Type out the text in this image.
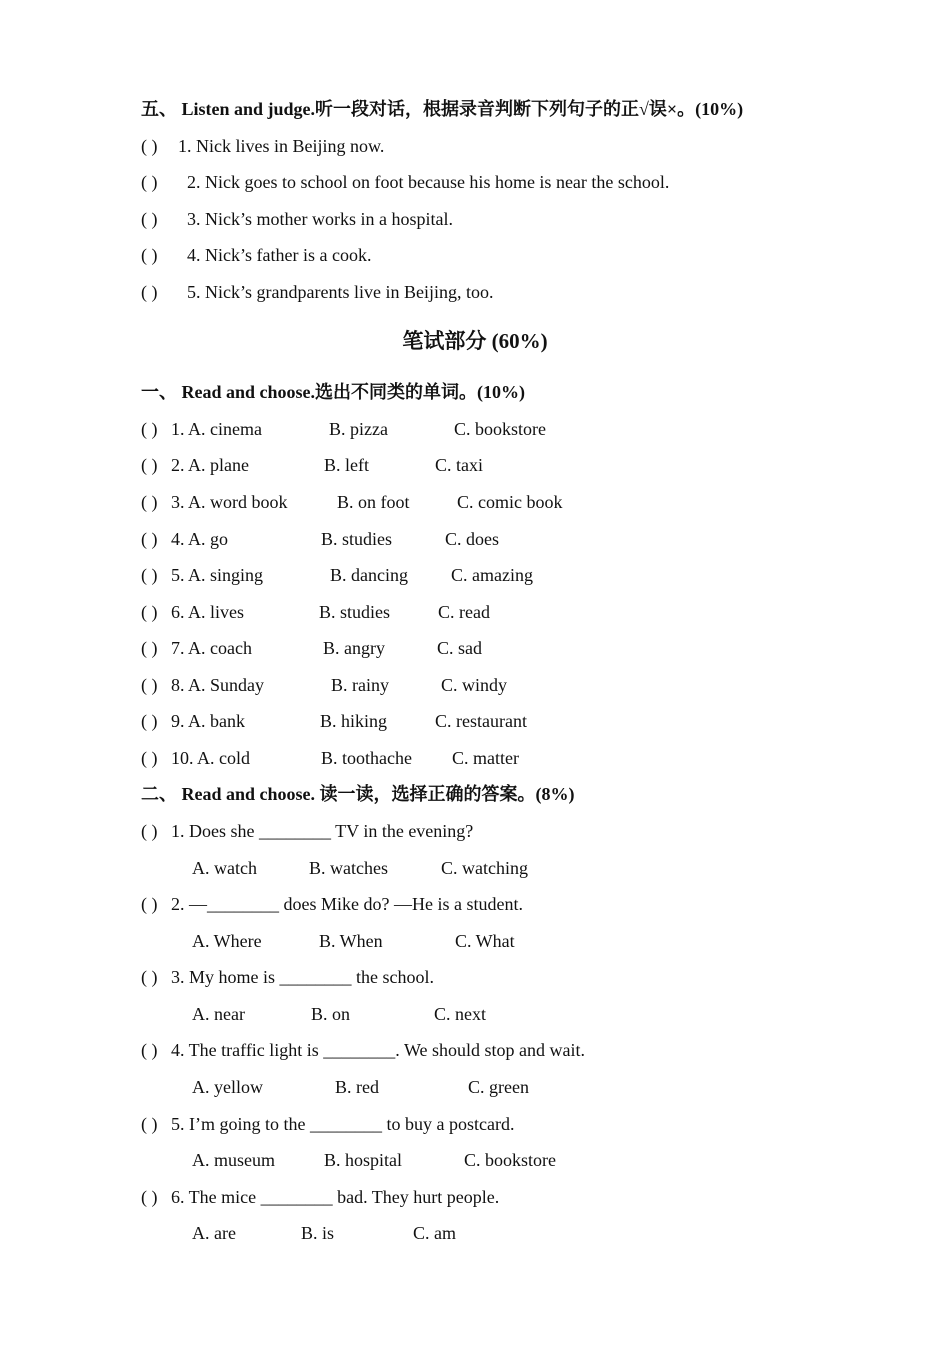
五、 Listen and judge.听一段对话，根据录音判断下列句子的正√误×。(10%)
( ) 1. Nick lives in Beijing now.
( ) 2. Nick goes to school on foot because his home is near the school.
( ) 3. Nick’s mother works in a hospital.
( ) 4. Nick’s father is a cook.
( ) 5. Nick’s grandparents live in Beijing, too.
笔试部分 (60%)
一、 Read and choose.选出不同类的单词。(10%)
( ) 1. A. cinema	B. pizza	C. bookstore
( ) 2. A. plane	B. left	C. taxi
( ) 3. A. word book	B. on foot	C. comic book
( ) 4. A. go	B. studies	C. does
( ) 5. A. singing	B. dancing C. amazing
( ) 6. A. lives	B. studies	C. read
( ) 7. A. coach	B. angry	C. sad
( ) 8. A. Sunday	B. rainy	C. windy
( ) 9. A. bank	B. hiking	C. restaurant
( ) 10. A. cold	B. toothache C. matter
二、 Read and choose. 读一读，选择正确的答案。(8%)
( ) 1. Does she ________ TV in the evening?
A. watch	B. watches	C. watching
( ) 2. —________ does Mike do? —He is a student.
A. Where	B. When	C. What
( ) 3. My home is ________ the school.
A. near	B. on	C. next
( ) 4. The traffic light is ________. We should stop and wait.
A. yellow	B. red	C. green
( ) 5. I’m going to the ________ to buy a postcard.
A. museum	B. hospital	C. bookstore
( ) 6. The mice ________ bad. They hurt people.
A. are	B. is	C. am
